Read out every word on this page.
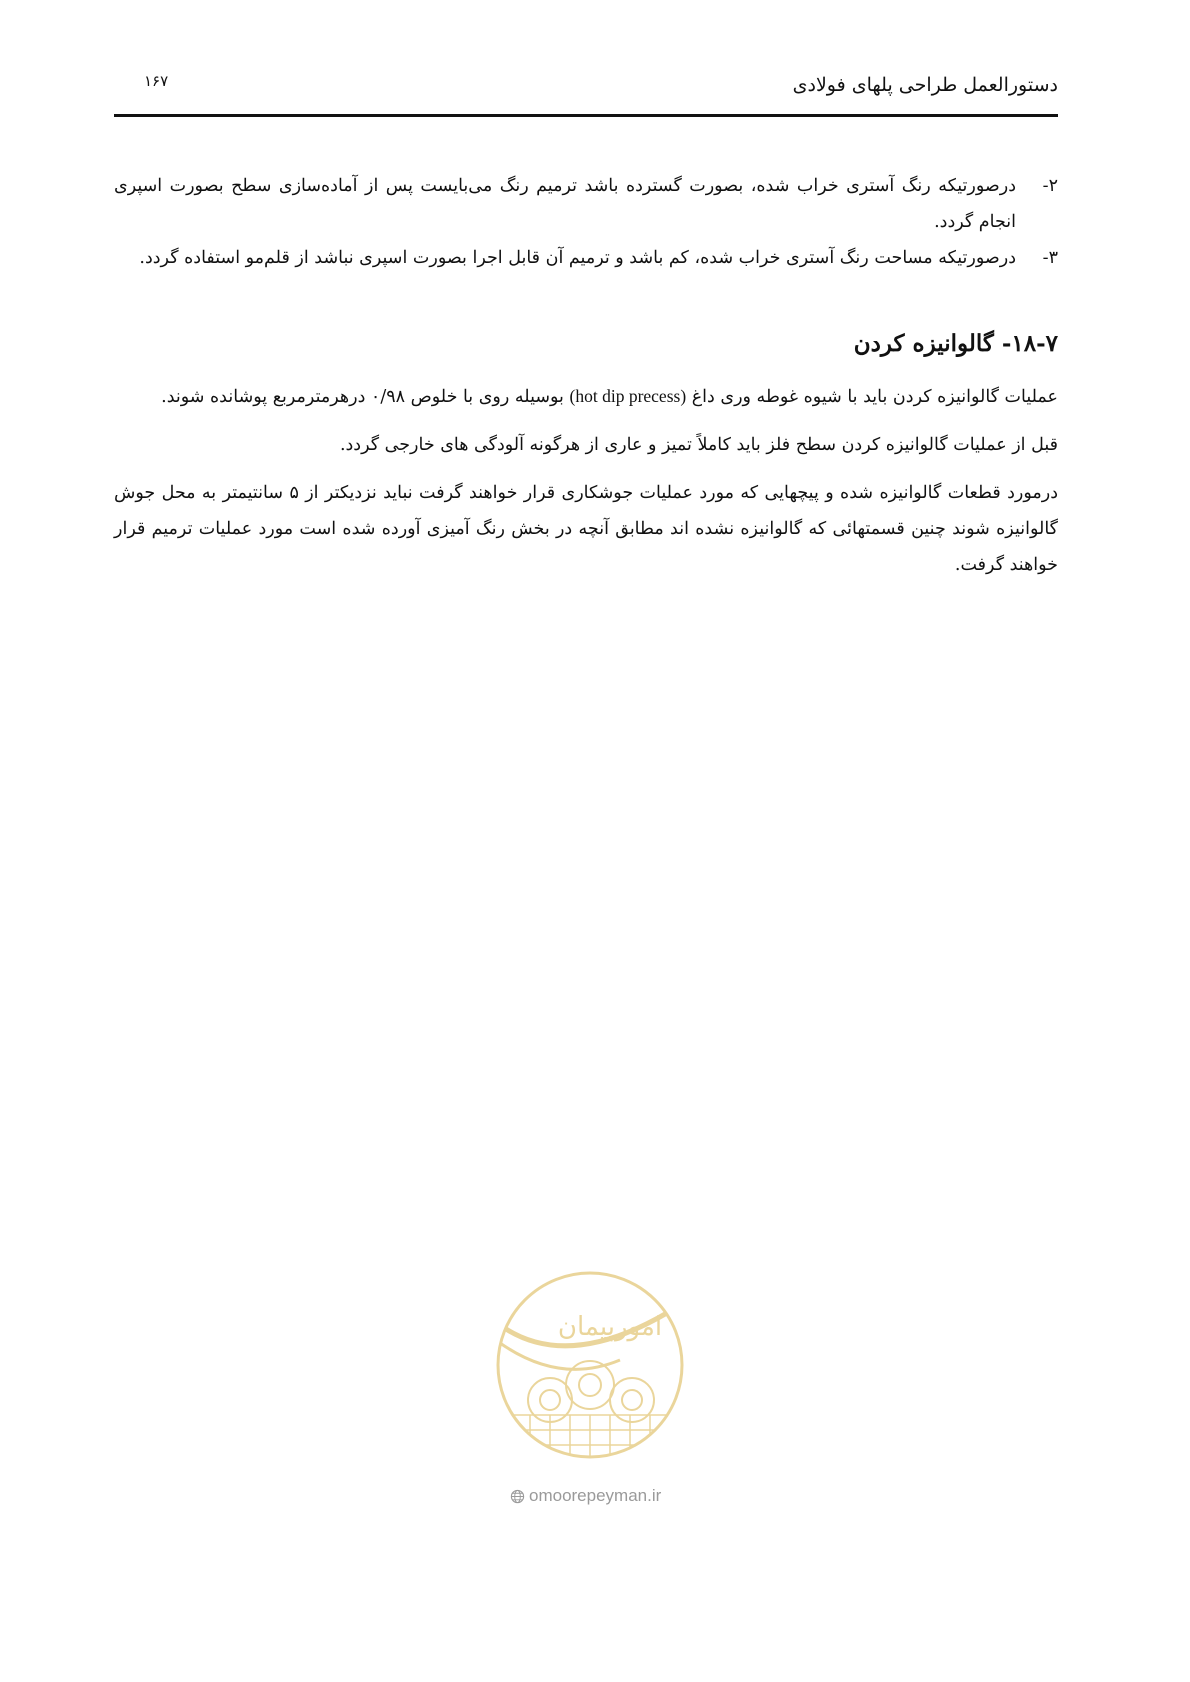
۱۶۷	دستورالعمل طراحی پلهای فولادی
۲-
درصورتیکه رنگ آستری خراب شده، بصورت گسترده باشد ترمیم رنگ می‌بایست پس از آماده‌سازی سطح بصورت اسپری انجام گردد.
۳-
درصورتیکه مساحت رنگ آستری خراب شده، کم باشد و ترمیم آن قابل اجرا بصورت اسپری نباشد از قلم‌مو استفاده گردد.
۱۸-۷- گالوانیزه کردن

عملیات گالوانیزه کردن باید با شیوه غوطه وری داغ (hot dip precess) بوسیله روی با خلوص ۰/۹۸ درهرمترمربع پوشانده شوند.

قبل از عملیات گالوانیزه کردن سطح فلز باید کاملاً تمیز و عاری از هرگونه آلودگی های خارجی گردد.

درمورد قطعات گالوانیزه شده و پیچهایی که مورد عملیات جوشکاری قرار خواهند گرفت نباید نزدیکتر از ۵ سانتیمتر به محل جوش گالوانیزه شوند چنین قسمتهائی که گالوانیزه نشده اند مطابق آنچه در بخش رنگ آمیزی آورده شده است مورد عملیات ترمیم قرار خواهند گرفت.

امورپیمان
omoorepeyman.ir
